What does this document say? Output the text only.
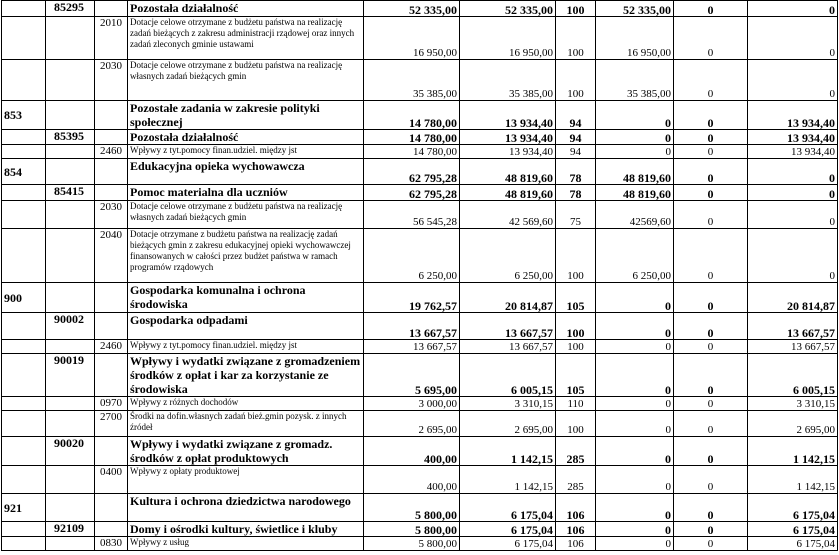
	85295		Pozostała działalność	52 335,00	52 335,00	100	52 335,00	0	0
		2010	Dotacje celowe otrzymane z budżetu państwa na realizację zadań bieżących z zakresu administracji rządowej oraz innych zadań zleconych gminie ustawami	16 950,00	16 950,00	100	16 950,00	0	0
		2030	Dotacje celowe otrzymane z budżetu państwa na realizację własnych zadań bieżących gmin	35 385,00	35 385,00	100	35 385,00	0	0
853			Pozostałe zadania w zakresie polityki społecznej	14 780,00	13 934,40	94	0	0	13 934,40
	85395		Pozostała działalność	14 780,00	13 934,40	94	0	0	13 934,40
		2460	Wpływy z tyt.pomocy finan.udziel. między jst	14 780,00	13 934,40	94	0	0	13 934,40
854			Edukacyjna opieka wychowawcza	62 795,28	48 819,60	78	48 819,60	0	0
	85415		Pomoc materialna dla uczniów	62 795,28	48 819,60	78	48 819,60	0	0
		2030	Dotacje celowe otrzymane z budżetu państwa na realizację własnych zadań bieżących gmin	56 545,28	42 569,60	75	42569,60	0	0
		2040	Dotacje otrzymane z budżetu państwa na realizację zadań bieżących gmin z zakresu edukacyjnej opieki wychowawczej finansowanych w całości przez budżet państwa w ramach programów rządowych	6 250,00	6 250,00	100	6 250,00	0	0
900			Gospodarka komunalna i ochrona środowiska	19 762,57	20 814,87	105	0	0	20 814,87
	90002		Gospodarka odpadami	13 667,57	13 667,57	100	0	0	13 667,57
		2460	Wpływy z tyt.pomocy finan.udziel. między jst	13 667,57	13 667,57	100	0	0	13 667,57
	90019		Wpływy i wydatki związane z gromadzeniem środków z opłat i kar za korzystanie ze środowiska	5 695,00	6 005,15	105	0	0	6 005,15
		0970	Wpływy z różnych dochodów	3 000,00	3 310,15	110	0	0	3 310,15
		2700	Środki na dofin.własnych zadań bież.gmin pozysk. z innych źródeł	2 695,00	2 695,00	100	0	0	2 695,00
	90020		Wpływy i wydatki związane z gromadz. środków z opłat produktowych	400,00	1 142,15	285	0	0	1 142,15
		0400	Wpływy z opłaty produktowej	400,00	1 142,15	285	0	0	1 142,15
921			Kultura i ochrona dziedzictwa narodowego	5 800,00	6 175,04	106	0	0	6 175,04
	92109		Domy i ośrodki kultury, świetlice i kluby	5 800,00	6 175,04	106	0	0	6 175,04
		0830	Wpływy z usług	5 800,00	6 175,04	106	0	0	6 175,04
